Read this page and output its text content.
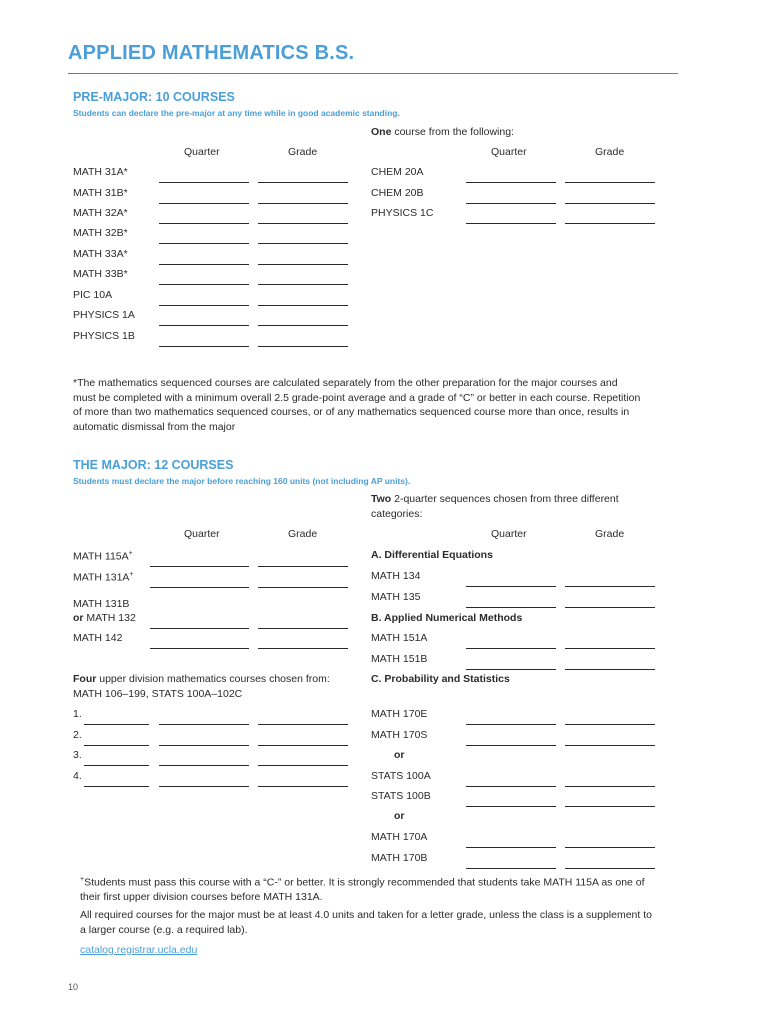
APPLIED MATHEMATICS B.S.
PRE-MAJOR: 10 COURSES
Students can declare the pre-major at any time while in good academic standing.
One course from the following:
Quarter	Grade	Quarter	Grade
MATH 31A*
MATH 31B*
MATH 32A*
MATH 32B*
MATH 33A*
MATH 33B*
PIC 10A
PHYSICS 1A
PHYSICS 1B
CHEM 20A
CHEM 20B
PHYSICS 1C
*The mathematics sequenced courses are calculated separately from the other preparation for the major courses and must be completed with a minimum overall 2.5 grade-point average and a grade of “C” or better in each course. Repetition of more than two mathematics sequenced courses, or of any mathematics sequenced course more than once, results in automatic dismissal from the major
THE MAJOR: 12 COURSES
Students must declare the major before reaching 160 units (not including AP units).
Two 2-quarter sequences chosen from three different
categories:
Quarter	Grade	Quarter	Grade
MATH 115A+
MATH 131A+
MATH 131B
or MATH 132
MATH 142
Four upper division mathematics courses chosen from:
MATH 106–199, STATS 100A–102C
1.
2.
3.
4.
A. Differential Equations
B. Applied Numerical Methods
C. Probability and Statistics
or
or
MATH 134
MATH 135
MATH 151A
MATH 151B
MATH 170E
MATH 170S
STATS 100A
STATS 100B
MATH 170A
MATH 170B
+Students must pass this course with a “C-” or better. It is strongly recommended that students take MATH 115A as one of their first upper division courses before MATH 131A.
All required courses for the major must be at least 4.0 units and taken for a letter grade, unless the class is a supplement to a larger course (e.g. a required lab).
catalog.registrar.ucla.edu
10
